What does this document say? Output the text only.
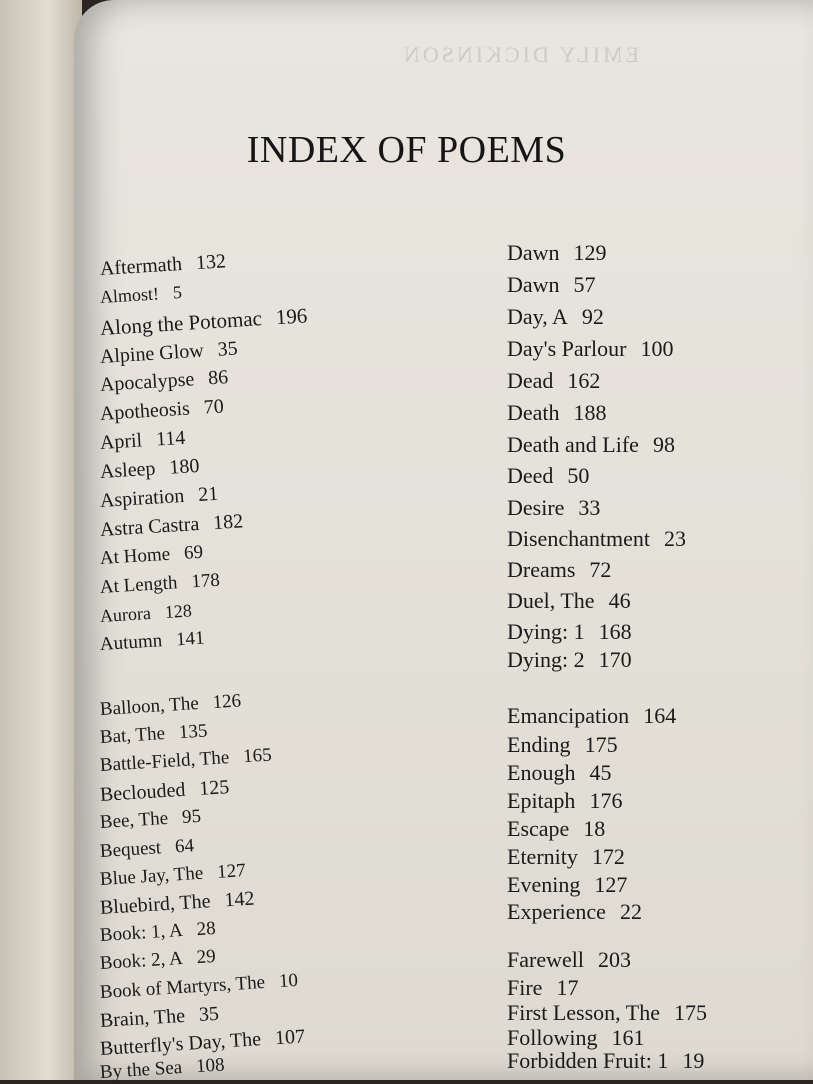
EMILY DICKINSON
INDEX OF POEMS
Aftermath 132
Almost! 5
Along the Potomac 196
Alpine Glow 35
Apocalypse 86
Apotheosis 70
April 114
Asleep 180
Aspiration 21
Astra Castra 182
At Home 69
At Length 178
Aurora 128
Autumn 141
Balloon, The 126
Bat, The 135
Battle-Field, The 165
Beclouded 125
Bee, The 95
Bequest 64
Blue Jay, The 127
Bluebird, The 142
Book: 1, A 28
Book: 2, A 29
Book of Martyrs, The 10
Brain, The 35
Butterfly's Day, The 107
By the Sea 108
Dawn 129
Dawn 57
Day, A 92
Day's Parlour 100
Dead 162
Death 188
Death and Life 98
Deed 50
Desire 33
Disenchantment 23
Dreams 72
Duel, The 46
Dying: 1 168
Dying: 2 170
Emancipation 164
Ending 175
Enough 45
Epitaph 176
Escape 18
Eternity 172
Evening 127
Experience 22
Farewell 203
Fire 17
First Lesson, The 175
Following 161
Forbidden Fruit: 1 19
